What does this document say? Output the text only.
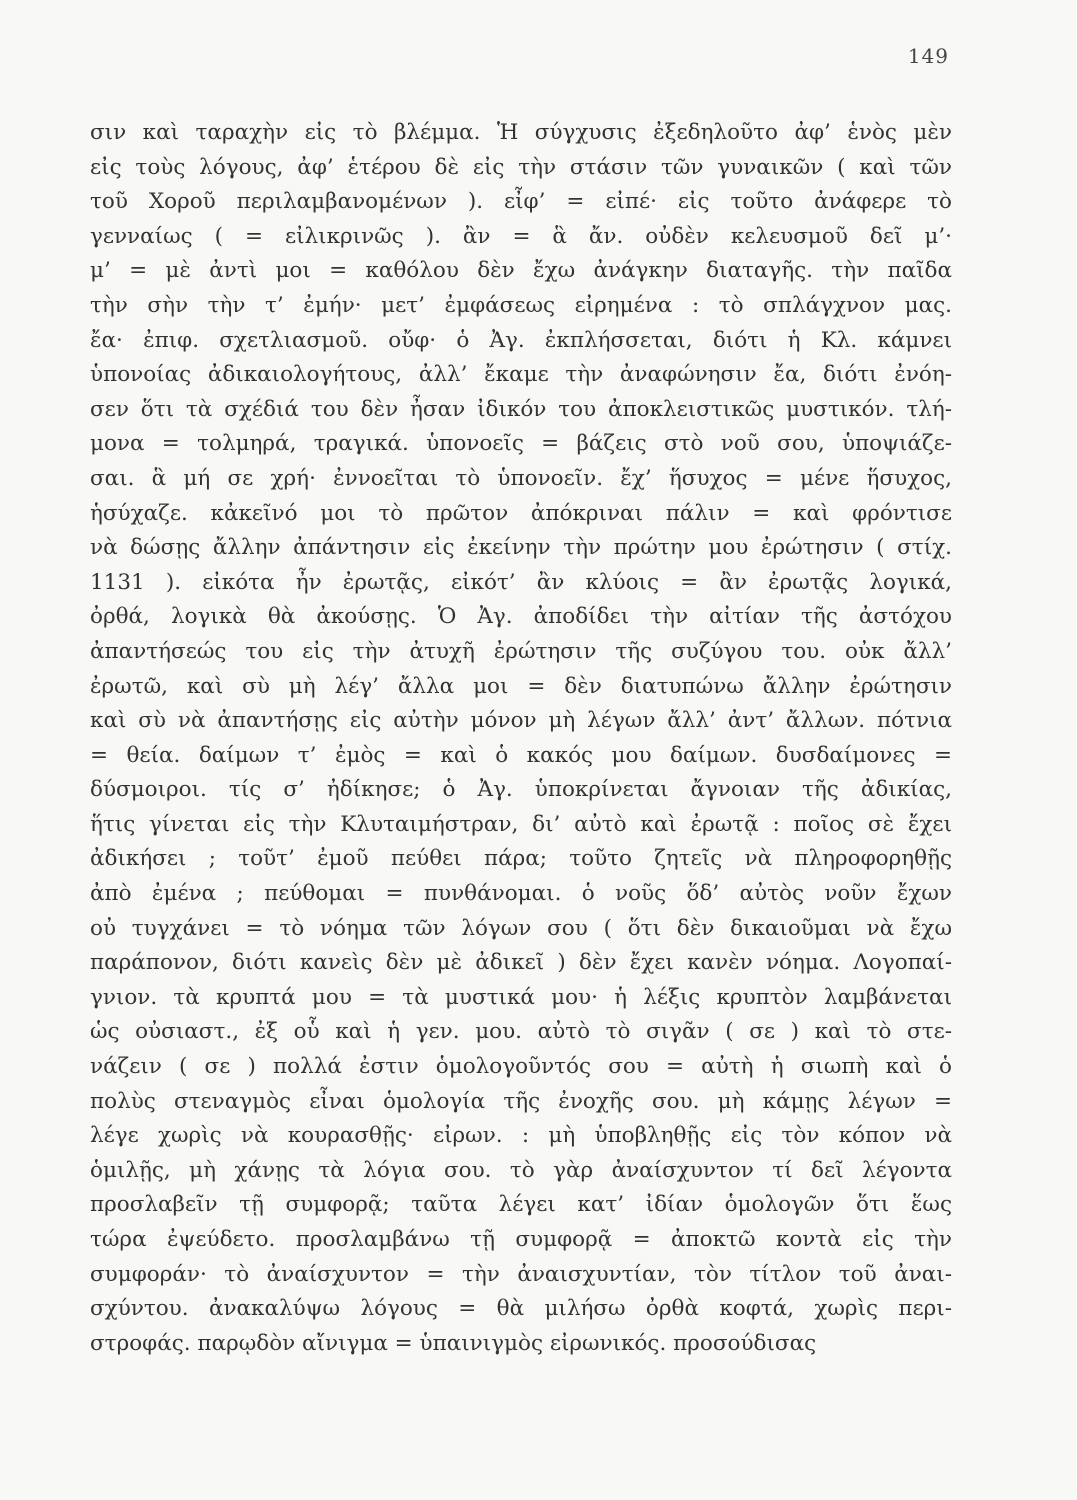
149
σιν καὶ ταραχὴν εἰς τὸ βλέμμα. Ἡ σύγχυσις ἐξεδηλοῦτο ἀφ’ ἑνὸς μὲν
εἰς τοὺς λόγους, ἀφ’ ἑτέρου δὲ εἰς τὴν στάσιν τῶν γυναικῶν ( καὶ τῶν
τοῦ Χοροῦ περιλαμβανομένων ). εἶφ’ = εἰπέ· εἰς τοῦτο ἀνάφερε τὸ
γενναίως ( = εἰλικρινῶς ). ἂν = ἃ ἄν. οὐδὲν κελευσμοῦ δεῖ μ’·
μ’ = μὲ ἀντὶ μοι = καθόλου δὲν ἔχω ἀνάγκην διαταγῆς. τὴν παῖδα
τὴν σὴν τὴν τ’ ἐμήν· μετ’ ἐμφάσεως εἰρημένα : τὸ σπλάγχνον μας.
ἔα· ἐπιφ. σχετλιασμοῦ. οὔφ· ὁ Ἀγ. ἐκπλήσσεται, διότι ἡ Κλ. κάμνει
ὑπονοίας ἀδικαιολογήτους, ἀλλ’ ἔκαμε τὴν ἀναφώνησιν ἔα, διότι ἐνόη-
σεν ὅτι τὰ σχέδιά του δὲν ἦσαν ἰδικόν του ἀποκλειστικῶς μυστικόν. τλή-
μονα = τολμηρά, τραγικά. ὑπονοεῖς = βάζεις στὸ νοῦ σου, ὑποψιάζε-
σαι. ἃ μή σε χρή· ἐννοεῖται τὸ ὑπονοεῖν. ἔχ’ ἥσυχος = μένε ἥσυχος,
ἡσύχαζε. κἀκεῖνό μοι τὸ πρῶτον ἀπόκριναι πάλιν = καὶ φρόντισε
νὰ δώσῃς ἄλλην ἀπάντησιν εἰς ἐκείνην τὴν πρώτην μου ἐρώτησιν ( στίχ.
1131 ). εἰκότα ἦν ἐρωτᾷς, εἰκότ’ ἂν κλύοις = ἂν ἐρωτᾷς λογικά,
ὀρθά, λογικὰ θὰ ἀκούσῃς. Ὁ Ἀγ. ἀποδίδει τὴν αἰτίαν τῆς ἀστόχου
ἀπαντήσεώς του εἰς τὴν ἀτυχῆ ἐρώτησιν τῆς συζύγου του. οὐκ ἄλλ’
ἐρωτῶ, καὶ σὺ μὴ λέγ’ ἄλλα μοι = δὲν διατυπώνω ἄλλην ἐρώτησιν
καὶ σὺ νὰ ἀπαντήσῃς εἰς αὐτὴν μόνον μὴ λέγων ἄλλ’ ἀντ’ ἄλλων. πότνια
= θεία. δαίμων τ’ ἐμὸς = καὶ ὁ κακός μου δαίμων. δυσδαίμονες =
δύσμοιροι. τίς σ’ ἠδίκησε; ὁ Ἀγ. ὑποκρίνεται ἄγνοιαν τῆς ἀδικίας,
ἥτις γίνεται εἰς τὴν Κλυταιμήστραν, δι’ αὐτὸ καὶ ἐρωτᾷ : ποῖος σὲ ἔχει
ἀδικήσει ; τοῦτ’ ἐμοῦ πεύθει πάρα; τοῦτο ζητεῖς νὰ πληροφορηθῇς
ἀπὸ ἐμένα ; πεύθομαι = πυνθάνομαι. ὁ νοῦς ὅδ’ αὐτὸς νοῦν ἔχων
οὐ τυγχάνει = τὸ νόημα τῶν λόγων σου ( ὅτι δὲν δικαιοῦμαι νὰ ἔχω
παράπονον, διότι κανεὶς δὲν μὲ ἀδικεῖ ) δὲν ἔχει κανὲν νόημα. Λογοπαί-
γνιον. τὰ κρυπτά μου = τὰ μυστικά μου· ἡ λέξις κρυπτὸν λαμβάνεται
ὡς οὐσιαστ., ἐξ οὗ καὶ ἡ γεν. μου. αὐτὸ τὸ σιγᾶν ( σε ) καὶ τὸ στε-
νάζειν ( σε ) πολλά ἐστιν ὁμολογοῦντός σου = αὐτὴ ἡ σιωπὴ καὶ ὁ
πολὺς στεναγμὸς εἶναι ὁμολογία τῆς ἐνοχῆς σου. μὴ κάμῃς λέγων =
λέγε χωρὶς νὰ κουρασθῇς· εἰρων. : μὴ ὑποβληθῇς εἰς τὸν κόπον νὰ
ὁμιλῇς, μὴ χάνῃς τὰ λόγια σου. τὸ γὰρ ἀναίσχυντον τί δεῖ λέγοντα
προσλαβεῖν τῇ συμφορᾷ; ταῦτα λέγει κατ’ ἰδίαν ὁμολογῶν ὅτι ἕως
τώρα ἐψεύδετο. προσλαμβάνω τῇ συμφορᾷ = ἀποκτῶ κοντὰ εἰς τὴν
συμφοράν· τὸ ἀναίσχυντον = τὴν ἀναισχυντίαν, τὸν τίτλον τοῦ ἀναι-
σχύντου. ἀνακαλύψω λόγους = θὰ μιλήσω ὀρθὰ κοφτά, χωρὶς περι-
στροφάς. παρῳδὸν αἴνιγμα = ὑπαινιγμὸς εἰρωνικός. προσούδισας
